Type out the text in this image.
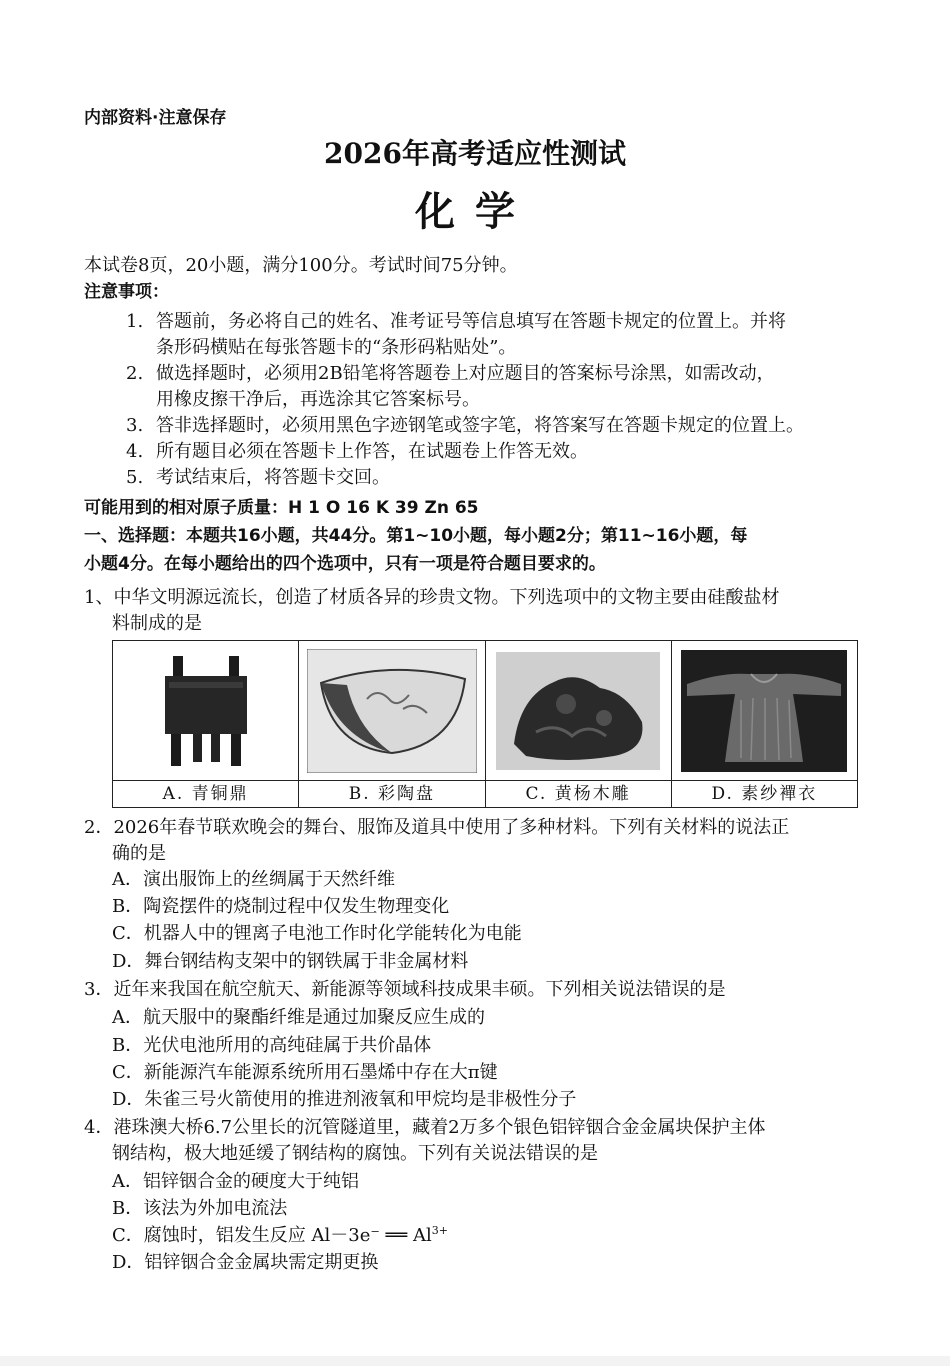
内部资料·注意保存
2026年高考适应性测试
化学
本试卷8页，20小题，满分100分。考试时间75分钟。
注意事项：
1. 答题前，务必将自己的姓名、准考证号等信息填写在答题卡规定的位置上。并将
条形码横贴在每张答题卡的“条形码粘贴处”。
2. 做选择题时，必须用2B铅笔将答题卷上对应题目的答案标号涂黑，如需改动，
用橡皮擦干净后，再选涂其它答案标号。
3. 答非选择题时，必须用黑色字迹钢笔或签字笔，将答案写在答题卡规定的位置上。
4. 所有题目必须在答题卡上作答，在试题卷上作答无效。
5. 考试结束后，将答题卡交回。
可能用到的相对原子质量：H 1 O 16 K 39 Zn 65
一、选择题：本题共16小题，共44分。第1~10小题，每小题2分；第11~16小题，每
小题4分。在每小题给出的四个选项中，只有一项是符合题目要求的。
1、中华文明源远流长，创造了材质各异的珍贵文物。下列选项中的文物主要由硅酸盐材
料制成的是
A. 青铜鼎	B. 彩陶盘	C. 黄杨木雕	D. 素纱襌衣
2．2026年春节联欢晚会的舞台、服饰及道具中使用了多种材料。下列有关材料的说法正
确的是
A．演出服饰上的丝绸属于天然纤维
B．陶瓷摆件的烧制过程中仅发生物理变化
C．机器人中的锂离子电池工作时化学能转化为电能
D．舞台钢结构支架中的钢铁属于非金属材料
3．近年来我国在航空航天、新能源等领域科技成果丰硕。下列相关说法错误的是
A．航天服中的聚酯纤维是通过加聚反应生成的
B．光伏电池所用的高纯硅属于共价晶体
C．新能源汽车能源系统所用石墨烯中存在大π键
D．朱雀三号火箭使用的推进剂液氧和甲烷均是非极性分子
4．港珠澳大桥6.7公里长的沉管隧道里，藏着2万多个银色铝锌铟合金金属块保护主体
钢结构，极大地延缓了钢结构的腐蚀。下列有关说法错误的是
A．铝锌铟合金的硬度大于纯铝
B．该法为外加电流法
C．腐蚀时，铝发生反应 Al－3e⁻ ══ $Al^{3+}$
D．铝锌铟合金金属块需定期更换
